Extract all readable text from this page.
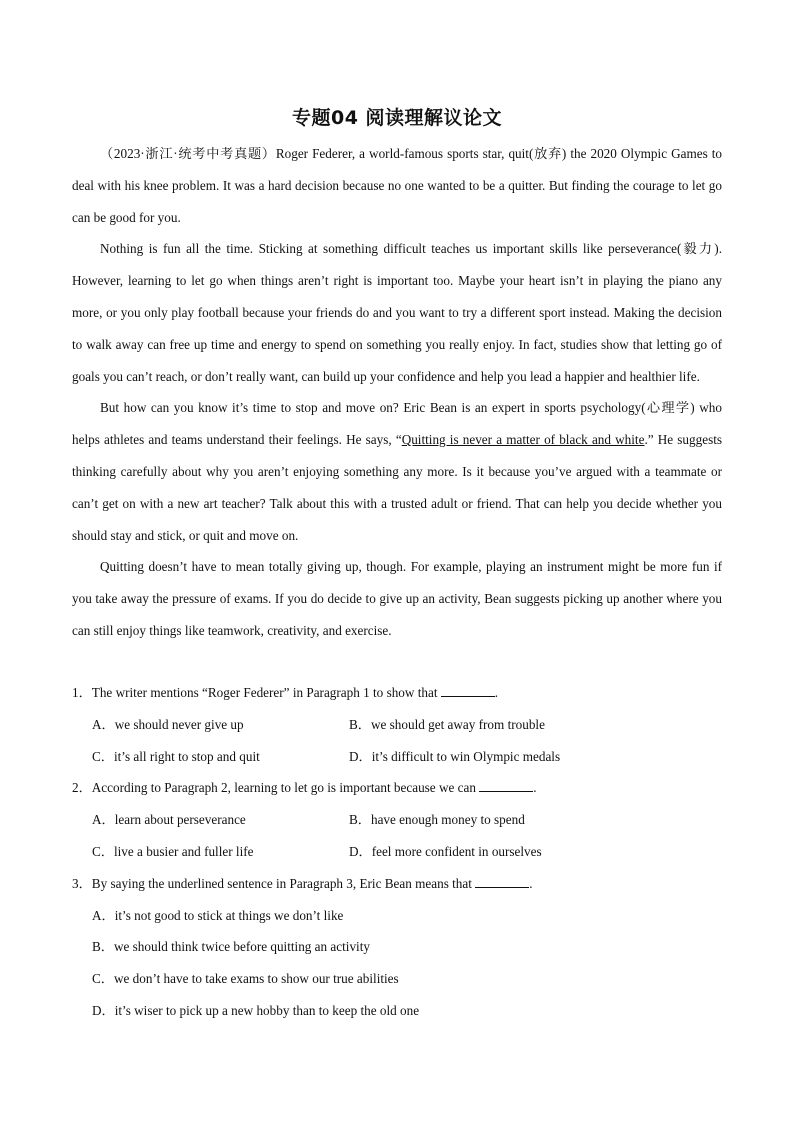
专题04 阅读理解议论文

（2023·浙江·统考中考真题）Roger Federer, a world-famous sports star, quit(放弃) the 2020 Olympic Games to deal with his knee problem. It was a hard decision because no one wanted to be a quitter. But finding the courage to let go can be good for you.

Nothing is fun all the time. Sticking at something difficult teaches us important skills like perseverance(毅力). However, learning to let go when things aren’t right is important too. Maybe your heart isn’t in playing the piano any more, or you only play football because your friends do and you want to try a different sport instead. Making the decision to walk away can free up time and energy to spend on something you really enjoy. In fact, studies show that letting go of goals you can’t reach, or don’t really want, can build up your confidence and help you lead a happier and healthier life.

But how can you know it’s time to stop and move on? Eric Bean is an expert in sports psychology(心理学) who helps athletes and teams understand their feelings. He says, “Quitting is never a matter of black and white.” He suggests thinking carefully about why you aren’t enjoying something any more. Is it because you’ve argued with a teammate or can’t get on with a new art teacher? Talk about this with a trusted adult or friend. That can help you decide whether you should stay and stick, or quit and move on.

Quitting doesn’t have to mean totally giving up, though. For example, playing an instrument might be more fun if you take away the pressure of exams. If you do decide to give up an activity, Bean suggests picking up another where you can still enjoy things like teamwork, creativity, and exercise.

1．The writer mentions “Roger Federer” in Paragraph 1 to show that	.

A．we should never give up	B．we should get away from trouble
C．it’s all right to stop and quit	D．it’s difficult to win Olympic medals

2．According to Paragraph 2, learning to let go is important because we can	.

A．learn about perseverance	B．have enough money to spend
C．live a busier and fuller life	D．feel more confident in ourselves

3．By saying the underlined sentence in Paragraph 3, Eric Bean means that	.

A．it’s not good to stick at things we don’t like

B．we should think twice before quitting an activity

C．we don’t have to take exams to show our true abilities

D．it’s wiser to pick up a new hobby than to keep the old one
